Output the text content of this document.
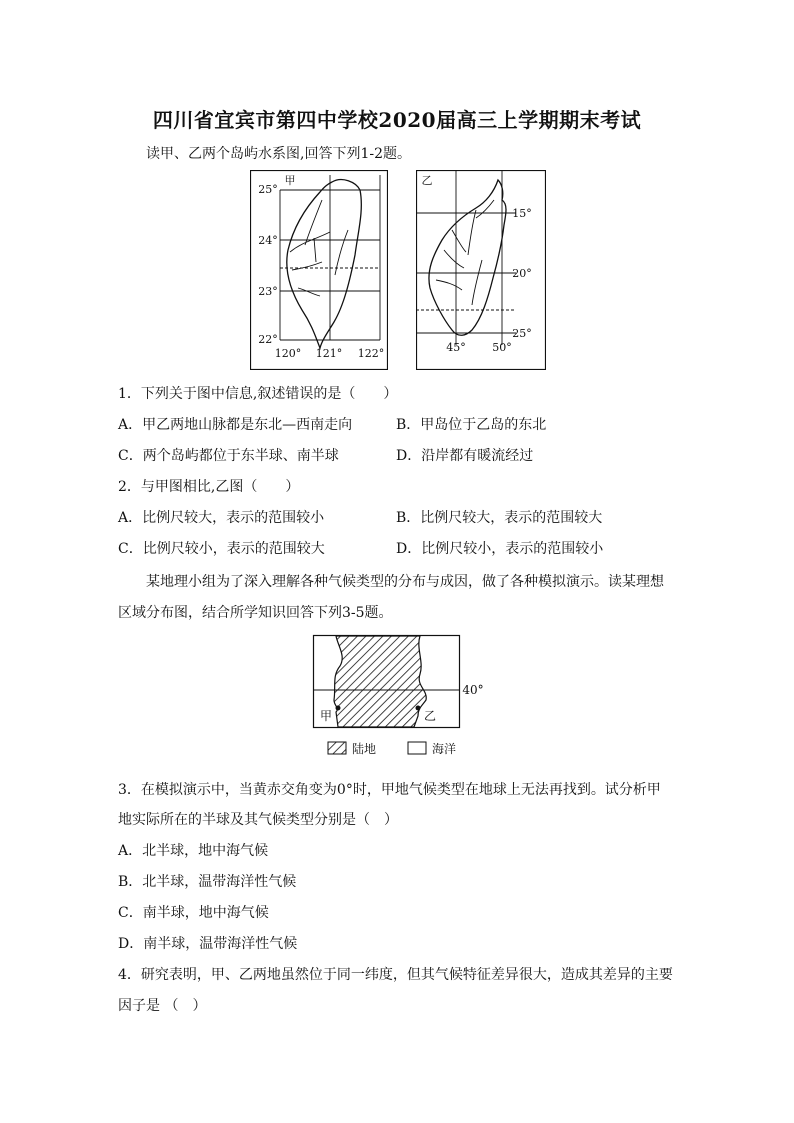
四川省宜宾市第四中学校2020届高三上学期期末考试
读甲、乙两个岛屿水系图,回答下列1-2题。
25°
24°
23°
22°
120° 121° 122°
甲
15°
20°
25°
45° 50°
乙
1．下列关于图中信息,叙述错误的是（　　）
A．甲乙两地山脉都是东北—西南走向	B．甲岛位于乙岛的东北
C．两个岛屿都位于东半球、南半球	D．沿岸都有暖流经过
2．与甲图相比,乙图（　　）
A．比例尺较大，表示的范围较小	B．比例尺较大，表示的范围较大
C．比例尺较小，表示的范围较大	D．比例尺较小，表示的范围较小
某地理小组为了深入理解各种气候类型的分布与成因，做了各种模拟演示。读某理想
区域分布图，结合所学知识回答下列3-5题。
40°
甲	乙
陆地	海洋
3．在模拟演示中，当黄赤交角变为0°时，甲地气候类型在地球上无法再找到。试分析甲
地实际所在的半球及其气候类型分别是（　）
A．北半球，地中海气候
B．北半球，温带海洋性气候
C．南半球，地中海气候
D．南半球，温带海洋性气候
4．研究表明，甲、乙两地虽然位于同一纬度，但其气候特征差异很大，造成其差异的主要
因子是 （　）
